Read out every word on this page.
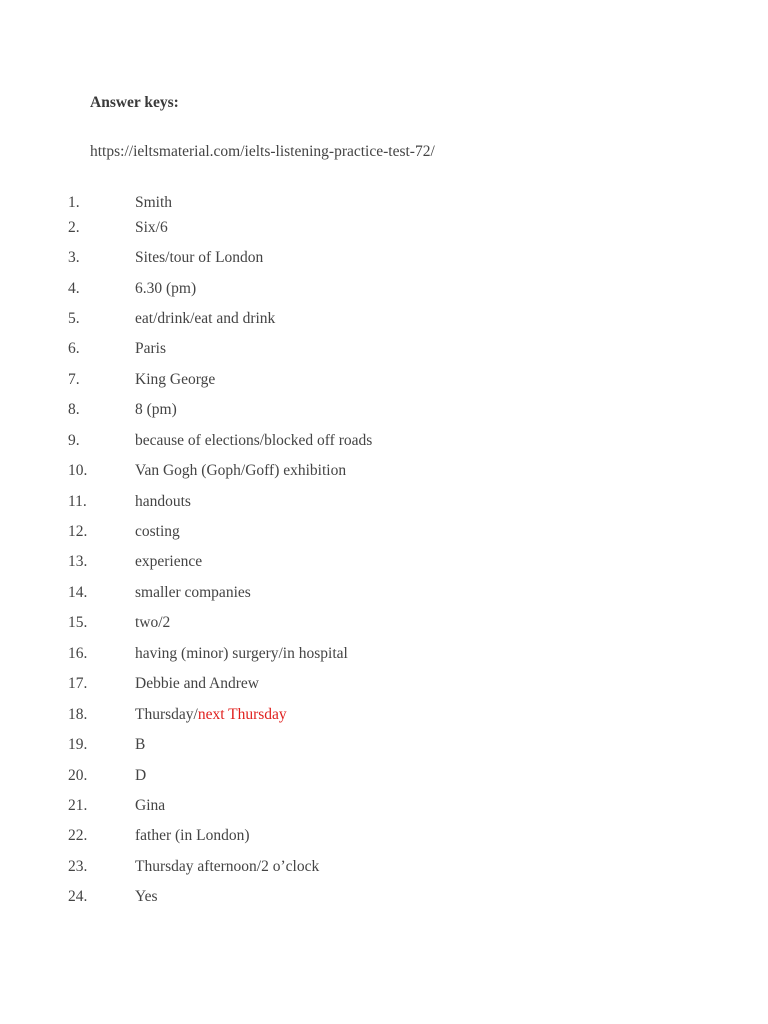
Answer keys:
https://ieltsmaterial.com/ielts-listening-practice-test-72/
1.	Smith
2.	Six/6
3.	Sites/tour of London
4.	6.30 (pm)
5.	eat/drink/eat and drink
6.	Paris
7.	King George
8.	8 (pm)
9.	because of elections/blocked off roads
10.	Van Gogh (Goph/Goff) exhibition
11.	handouts
12.	costing
13.	experience
14.	smaller companies
15.	two/2
16.	having (minor) surgery/in hospital
17.	Debbie and Andrew
18.	Thursday/next Thursday
19.	B
20.	D
21.	Gina
22.	father (in London)
23.	Thursday afternoon/2 o’clock
24.	Yes
